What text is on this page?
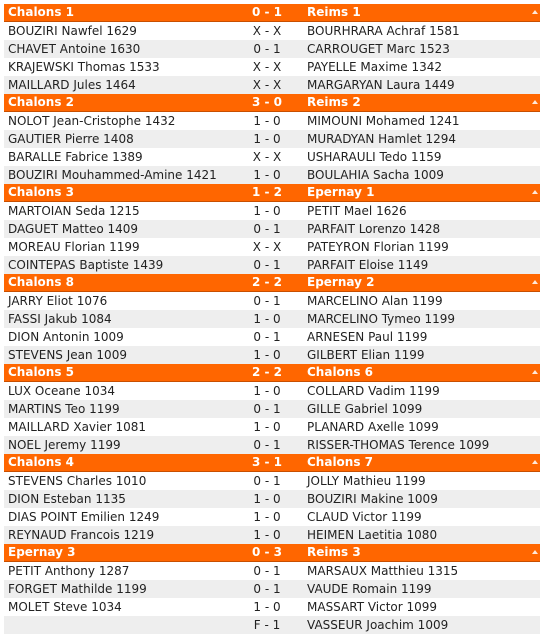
Chalons 1	0 - 1	Reims 1

BOUZIRI Nawfel 1629	X - X	BOURHRARA Achraf 1581
CHAVET Antoine 1630	0 - 1	CARROUGET Marc 1523
KRAJEWSKI Thomas 1533	X - X	PAYELLE Maxime 1342
MAILLARD Jules 1464	X - X	MARGARYAN Laura 1449
Chalons 2	3 - 0	Reims 2

NOLOT Jean-Cristophe 1432	1 - 0	MIMOUNI Mohamed 1241
GAUTIER Pierre 1408	1 - 0	MURADYAN Hamlet 1294
BARALLE Fabrice 1389	X - X	USHARAULI Tedo 1159
BOUZIRI Mouhammed-Amine 1421	1 - 0	BOULAHIA Sacha 1009
Chalons 3	1 - 2	Epernay 1

MARTOIAN Seda 1215	1 - 0	PETIT Mael 1626
DAGUET Matteo 1409	0 - 1	PARFAIT Lorenzo 1428
MOREAU Florian 1199	X - X	PATEYRON Florian 1199
COINTEPAS Baptiste 1439	0 - 1	PARFAIT Eloise 1149
Chalons 8	2 - 2	Epernay 2

JARRY Eliot 1076	0 - 1	MARCELINO Alan 1199
FASSI Jakub 1084	1 - 0	MARCELINO Tymeo 1199
DION Antonin 1009	0 - 1	ARNESEN Paul 1199
STEVENS Jean 1009	1 - 0	GILBERT Elian 1199
Chalons 5	2 - 2	Chalons 6

LUX Oceane 1034	1 - 0	COLLARD Vadim 1199
MARTINS Teo 1199	0 - 1	GILLE Gabriel 1099
MAILLARD Xavier 1081	1 - 0	PLANARD Axelle 1099
NOEL Jeremy 1199	0 - 1	RISSER-THOMAS Terence 1099
Chalons 4	3 - 1	Chalons 7

STEVENS Charles 1010	0 - 1	JOLLY Mathieu 1199
DION Esteban 1135	1 - 0	BOUZIRI Makine 1009
DIAS POINT Emilien 1249	1 - 0	CLAUD Victor 1199
REYNAUD Francois 1219	1 - 0	HEIMEN Laetitia 1080
Epernay 3	0 - 3	Reims 3

PETIT Anthony 1287	0 - 1	MARSAUX Matthieu 1315
FORGET Mathilde 1199	0 - 1	VAUDE Romain 1199
MOLET Steve 1034	1 - 0	MASSART Victor 1099
	F - 1	VASSEUR Joachim 1009
